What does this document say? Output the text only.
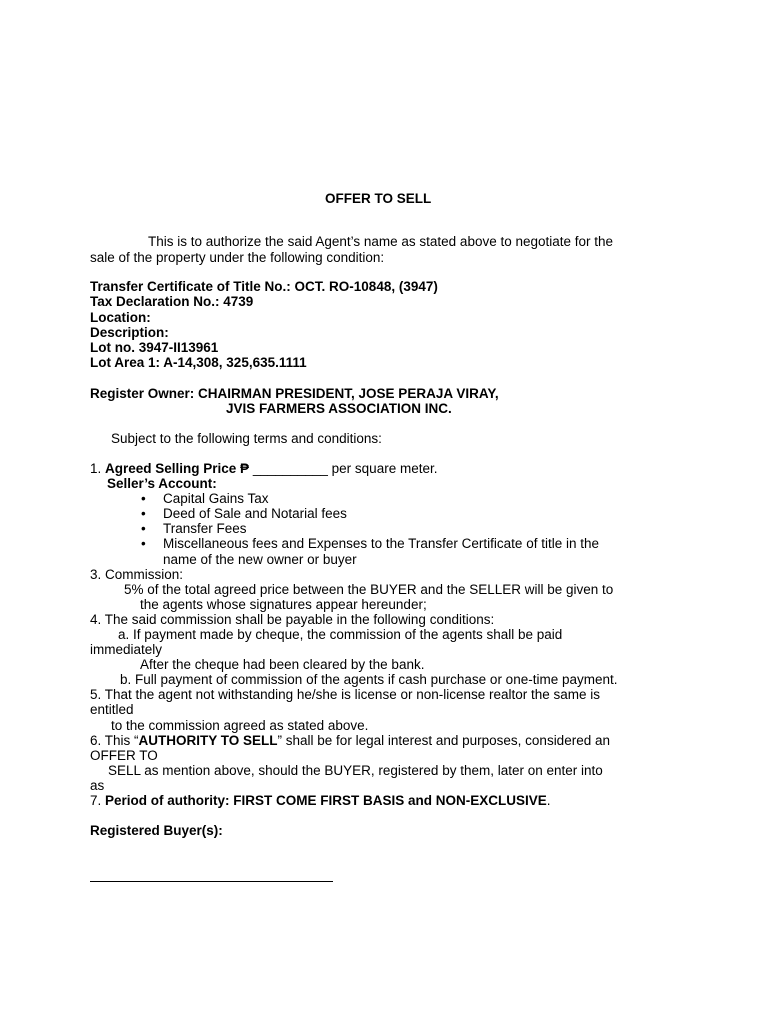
OFFER TO SELL
This is to authorize the said Agent’s name as stated above to negotiate for the
sale of the property under the following condition:
Transfer Certificate of Title No.: OCT. RO-10848, (3947)
Tax Declaration No.: 4739
Location:
Description:
Lot no. 3947-II13961
Lot Area 1: A-14,308, 325,635.1111
Register Owner: CHAIRMAN PRESIDENT, JOSE PERAJA VIRAY,
JVIS FARMERS ASSOCIATION INC.
Subject to the following terms and conditions:
1. Agreed Selling Price ₱ __________ per square meter.
Seller’s Account:
• Capital Gains Tax
• Deed of Sale and Notarial fees
• Transfer Fees
• Miscellaneous fees and Expenses to the Transfer Certificate of title in the
name of the new owner or buyer
3. Commission:
5% of the total agreed price between the BUYER and the SELLER will be given to
the agents whose signatures appear hereunder;
4. The said commission shall be payable in the following conditions:
a. If payment made by cheque, the commission of the agents shall be paid
immediately
After the cheque had been cleared by the bank.
b. Full payment of commission of the agents if cash purchase or one-time payment.
5. That the agent not withstanding he/she is license or non-license realtor the same is
entitled
to the commission agreed as stated above.
6. This “AUTHORITY TO SELL” shall be for legal interest and purposes, considered an
OFFER TO
SELL as mention above, should the BUYER, registered by them, later on enter into
as
7. Period of authority: FIRST COME FIRST BASIS and NON-EXCLUSIVE.
Registered Buyer(s):
